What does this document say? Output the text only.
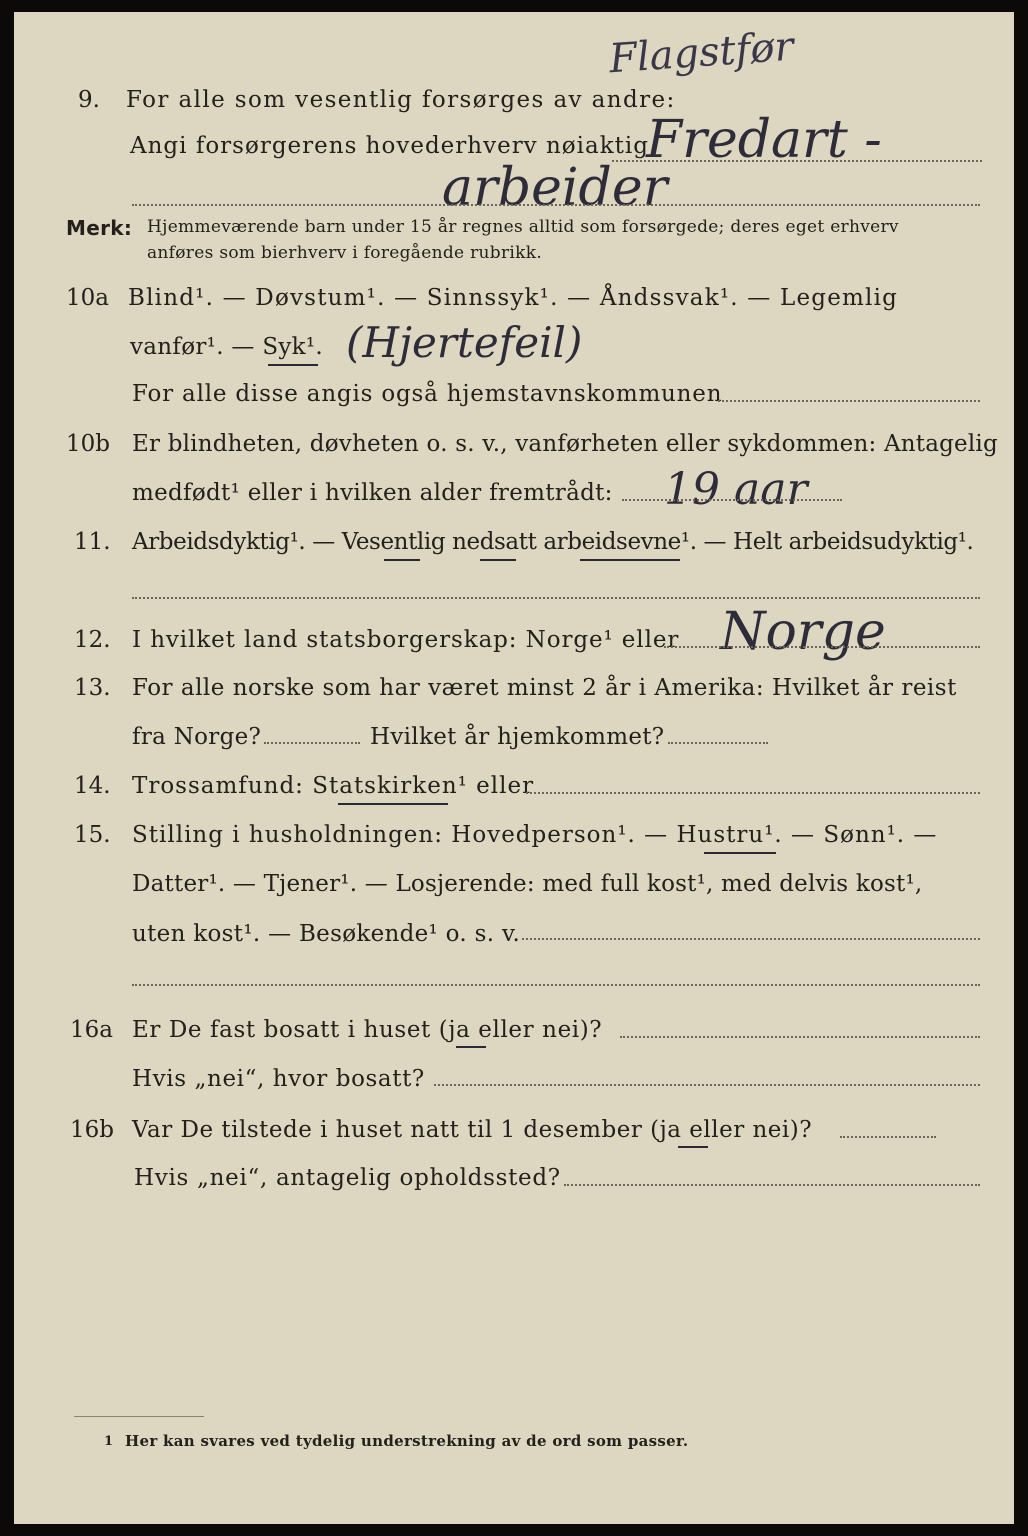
Flagstfør
9. For alle som vesentlig forsørges av andre:
Angi forsørgerens hovederhverv nøiaktig
Fredart -
arbeider
Merk: Hjemmeværende barn under 15 år regnes alltid som forsørgede; deres eget erhverv
anføres som bierhverv i foregående rubrikk.
10a Blind¹. — Døvstum¹. — Sinnssyk¹. — Åndssvak¹. — Legemlig
vanfør¹. — Syk¹. (Hjertefeil)
For alle disse angis også hjemstavnskommunen
10b Er blindheten, døvheten o. s. v., vanførheten eller sykdommen: Antagelig
medfødt¹ eller i hvilken alder fremtrådt: 19 aar
11. Arbeidsdyktig¹. — Vesentlig nedsatt arbeidsevne¹. — Helt arbeidsudyktig¹.
12. I hvilket land statsborgerskap: Norge¹ eller Norge
13. For alle norske som har været minst 2 år i Amerika: Hvilket år reist
fra Norge?	Hvilket år hjemkommet?
14. Trossamfund: Statskirken¹ eller
15. Stilling i husholdningen: Hovedperson¹. — Hustru¹. — Sønn¹. —
Datter¹. — Tjener¹. — Losjerende: med full kost¹, med delvis kost¹,
uten kost¹. — Besøkende¹ o. s. v.
16a Er De fast bosatt i huset (ja eller nei)?
Hvis „nei“, hvor bosatt?
16b Var De tilstede i huset natt til 1 desember (ja eller nei)?
Hvis „nei“, antagelig opholdssted?
1 Her kan svares ved tydelig understrekning av de ord som passer.
